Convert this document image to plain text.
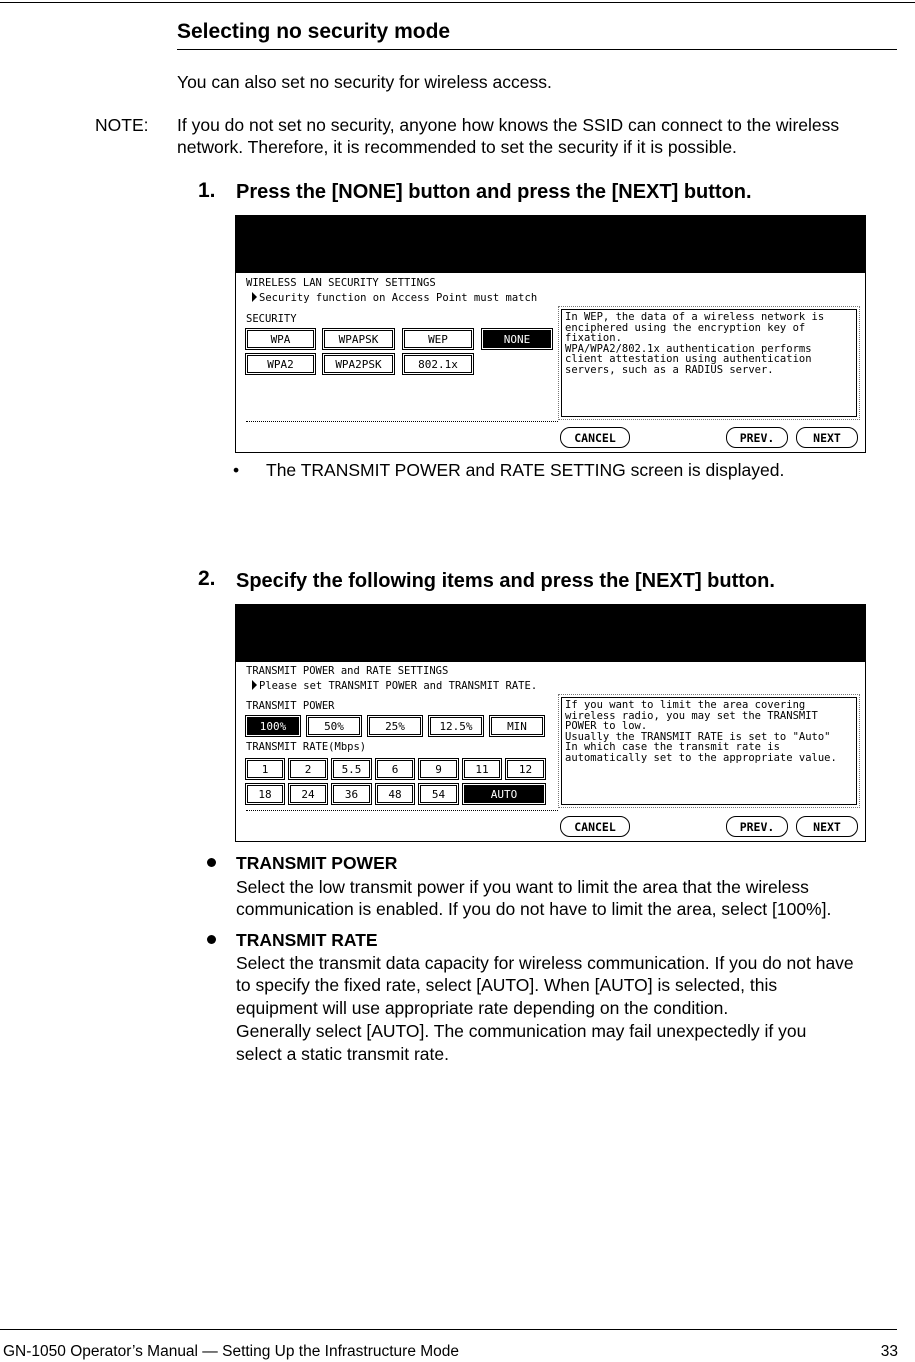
Selecting no security mode
You can also set no security for wireless access.
NOTE: If you do not set no security, anyone how knows the SSID can connect to the wireless
network. Therefore, it is recommended to set the security if it is possible.
1. Press the [NONE] button and press the [NEXT] button.
WIRELESS LAN SECURITY SETTINGS
Security function on Access Point must match
SECURITY
WPA	WPAPSK	WEP	NONE
WPA2	WPA2PSK	802.1x
In WEP, the data of a wireless network is
enciphered using the encryption key of
fixation.
WPA/WPA2/802.1x authentication performs
client attestation using authentication
servers, such as a RADIUS server.
CANCEL	PREV.	NEXT
• The TRANSMIT POWER and RATE SETTING screen is displayed.
2. Specify the following items and press the [NEXT] button.
TRANSMIT POWER and RATE SETTINGS
Please set TRANSMIT POWER and TRANSMIT RATE.
TRANSMIT POWER
100%	50%	25%	12.5%	MIN
TRANSMIT RATE(Mbps)
1	2	5.5	6	9	11	12
18	24	36	48	54	AUTO
If you want to limit the area covering
wireless radio, you may set the TRANSMIT
POWER to low.
Usually the TRANSMIT RATE is set to "Auto"
In which case the transmit rate is
automatically set to the appropriate value.
CANCEL	PREV.	NEXT
TRANSMIT POWER
Select the low transmit power if you want to limit the area that the wireless
communication is enabled. If you do not have to limit the area, select [100%].
TRANSMIT RATE
Select the transmit data capacity for wireless communication. If you do not have
to specify the fixed rate, select [AUTO]. When [AUTO] is selected, this
equipment will use appropriate rate depending on the condition.
Generally select [AUTO]. The communication may fail unexpectedly if you
select a static transmit rate.
GN-1050 Operator’s Manual — Setting Up the Infrastructure Mode	33
